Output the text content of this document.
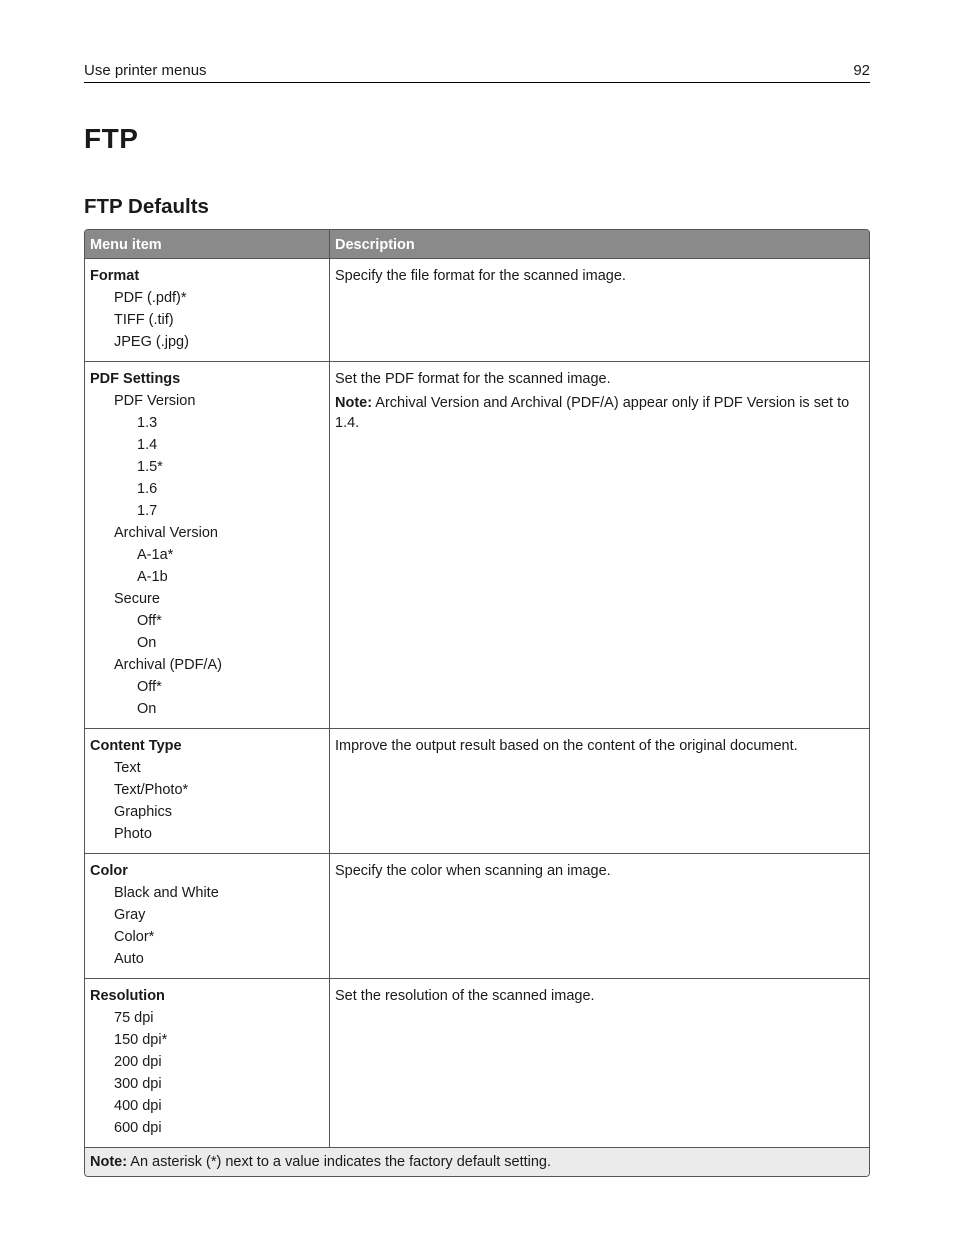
Use printer menus	92
FTP
FTP Defaults
Menu item	Description
Format
PDF (.pdf)*
TIFF (.tif)
JPEG (.jpg)

Specify the file format for the scanned image.

PDF Settings
PDF Version
1.3
1.4
1.5*
1.6
1.7
Archival Version
A-1a*
A-1b
Secure
Off*
On
Archival (PDF/A)
Off*
On

Set the PDF format for the scanned image.

Note: Archival Version and Archival (PDF/A) appear only if PDF Version is set to 1.4.

Content Type
Text
Text/Photo*
Graphics
Photo

Improve the output result based on the content of the original document.

Color
Black and White
Gray
Color*
Auto

Specify the color when scanning an image.

Resolution
75 dpi
150 dpi*
200 dpi
300 dpi
400 dpi
600 dpi

Set the resolution of the scanned image.

Note: An asterisk (*) next to a value indicates the factory default setting.
